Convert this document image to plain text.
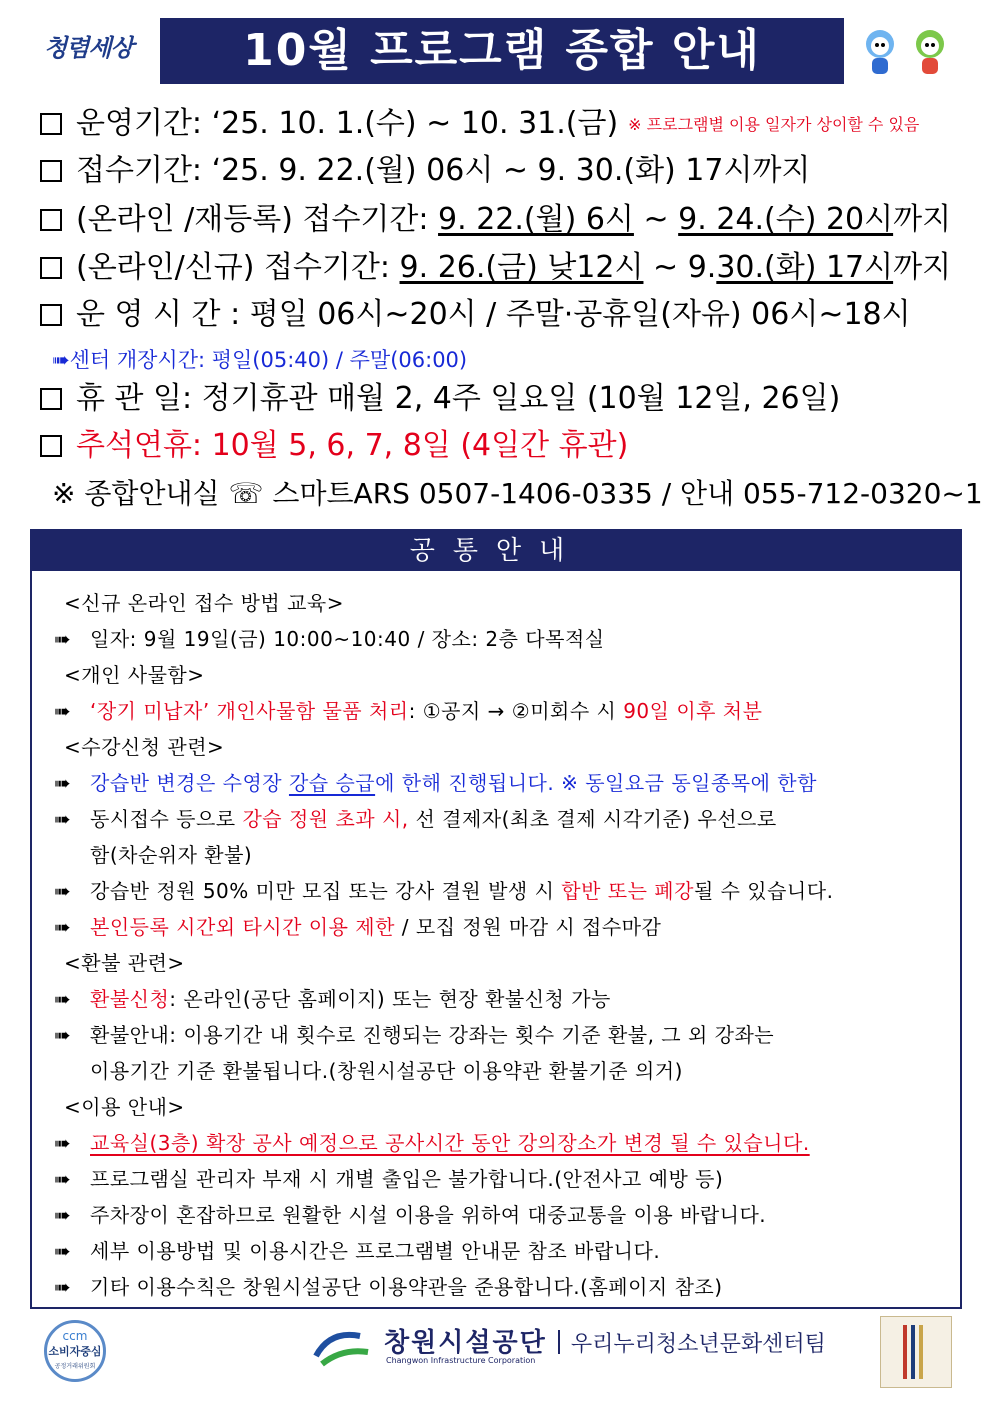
청렴세상	10월 프로그램 종합 안내
운영기간: ‘25. 10. 1.(수) ~ 10. 31.(금) ※ 프로그램별 이용 일자가 상이할 수 있음
접수기간: ‘25. 9. 22.(월) 06시 ~ 9. 30.(화) 17시까지
(온라인 /재등록) 접수기간: 9. 22.(월) 6시 ~ 9. 24.(수) 20시까지
(온라인/신규) 접수기간: 9. 26.(금) 낮12시 ~ 9.30.(화) 17시까지
운 영 시 간 : 평일 06시~20시 / 주말·공휴일(자유) 06시~18시
➠센터 개장시간: 평일(05:40) / 주말(06:00)
휴 관 일: 정기휴관 매월 2, 4주 일요일 (10월 12일, 26일)
추석연휴: 10월 5, 6, 7, 8일 (4일간 휴관)
※ 종합안내실 ☏ 스마트ARS 0507-1406-0335 / 안내 055-712-0320~1
공통안내
<신규 온라인 접수 방법 교육>
➠ 일자: 9월 19일(금) 10:00~10:40 / 장소: 2층 다목적실
<개인 사물함>
➠ ‘장기 미납자’ 개인사물함 물품 처리: ①공지 → ②미회수 시 90일 이후 처분
<수강신청 관련>
➠ 강습반 변경은 수영장 강습 승급에 한해 진행됩니다. ※ 동일요금 동일종목에 한함
➠ 동시접수 등으로 강습 정원 초과 시, 선 결제자(최초 결제 시각기준) 우선으로
함(차순위자 환불)
➠ 강습반 정원 50% 미만 모집 또는 강사 결원 발생 시 합반 또는 폐강될 수 있습니다.
➠ 본인등록 시간외 타시간 이용 제한 / 모집 정원 마감 시 접수마감
<환불 관련>
➠ 환불신청: 온라인(공단 홈페이지) 또는 현장 환불신청 가능
➠ 환불안내: 이용기간 내 횟수로 진행되는 강좌는 횟수 기준 환불, 그 외 강좌는
이용기간 기준 환불됩니다.(창원시설공단 이용약관 환불기준 의거)
<이용 안내>
➠ 교육실(3층) 확장 공사 예정으로 공사시간 동안 강의장소가 변경 될 수 있습니다.
➠ 프로그램실 관리자 부재 시 개별 출입은 불가합니다.(안전사고 예방 등)
➠ 주차장이 혼잡하므로 원활한 시설 이용을 위하여 대중교통을 이용 바랍니다.
➠ 세부 이용방법 및 이용시간은 프로그램별 안내문 참조 바랍니다.
➠ 기타 이용수칙은 창원시설공단 이용약관을 준용합니다.(홈페이지 참조)
ccm
소비자중심
공정거래위원회
창원시설공단 우리누리청소년문화센터팀
Changwon Infrastructure Corporation
